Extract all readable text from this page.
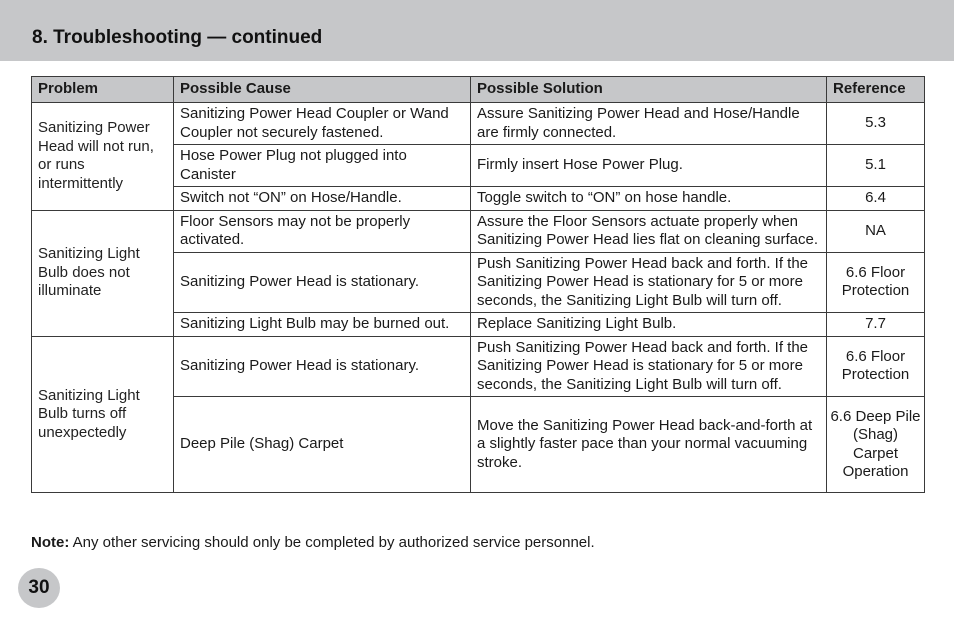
8. Troubleshooting — continued
Problem	Possible Cause	Possible Solution	Reference
Sanitizing Power Head will not run, or runs intermittently	Sanitizing Power Head Coupler or Wand Coupler not securely fastened.	Assure Sanitizing Power Head and Hose/Handle are firmly connected.	5.3
	Hose Power Plug not plugged into Canister	Firmly insert Hose Power Plug.	5.1
	Switch not “ON” on Hose/Handle.	Toggle switch to “ON” on hose handle.	6.4
Sanitizing Light Bulb does not illuminate	Floor Sensors may not be properly activated.	Assure the Floor Sensors actuate properly when Sanitizing Power Head lies flat on cleaning surface.	NA
	Sanitizing Power Head is stationary.	Push Sanitizing Power Head back and forth. If the Sanitizing Power Head is stationary for 5 or more seconds, the Sanitizing Light Bulb will turn off.	6.6 Floor Protection
	Sanitizing Light Bulb may be burned out.	Replace Sanitizing Light Bulb.	7.7
Sanitizing Light Bulb turns off unexpectedly	Sanitizing Power Head is stationary.	Push Sanitizing Power Head back and forth. If the Sanitizing Power Head is stationary for 5 or more seconds, the Sanitizing Light Bulb will turn off.	6.6 Floor Protection
	Deep Pile (Shag) Carpet	Move the Sanitizing Power Head back-and-forth at a slightly faster pace than your normal vacuuming stroke.	6.6 Deep Pile (Shag) Carpet Operation
Note: Any other servicing should only be completed by authorized service personnel.
30
